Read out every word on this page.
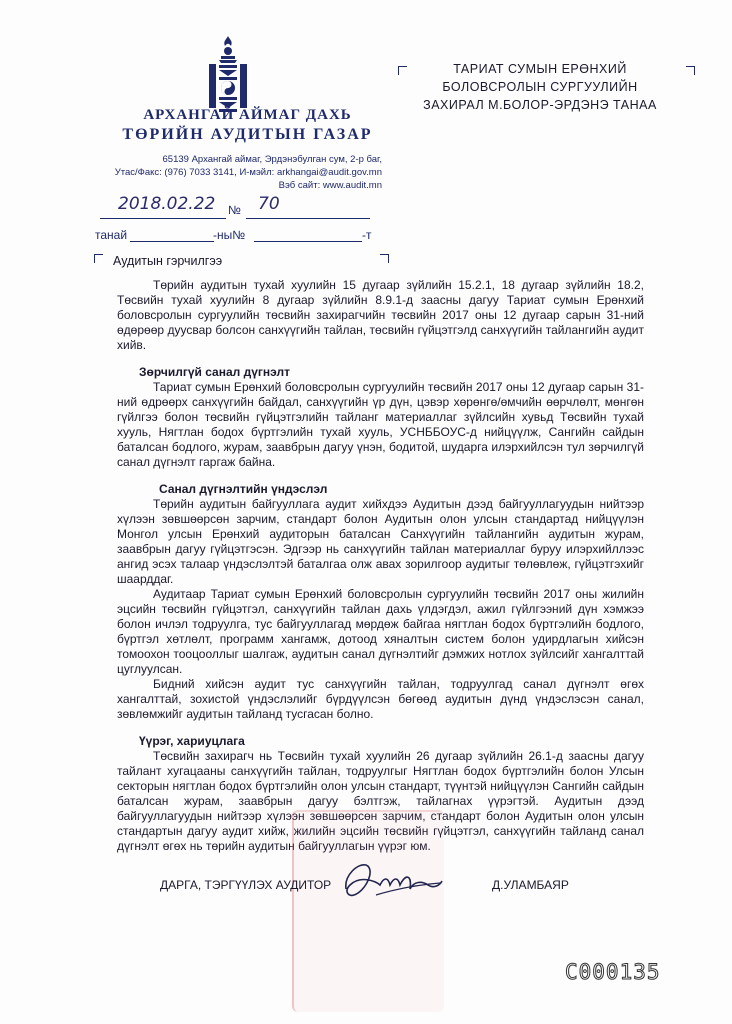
АРХАНГАЙ АЙМАГ ДАХЬ
ТӨРИЙН АУДИТЫН ГАЗАР
65139 Архангай аймаг, Эрдэнэбулган сум, 2-р баг,
Утас/Факс: (976) 7033 3141, И-мэйл: arkhangai@audit.gov.mn
Вэб сайт: www.audit.mn
2018.02.22 № 70
танай	-ны№	-т
Аудитын гэрчилгээ
ТАРИАТ СУМЫН ЕРӨНХИЙ
БОЛОВСРОЛЫН СУРГУУЛИЙН
ЗАХИРАЛ М.БОЛОР-ЭРДЭНЭ ТАНАА

Төрийн аудитын тухай хуулийн 15 дугаар зүйлийн 15.2.1, 18 дугаар зүйлийн 18.2, Төсвийн тухай хуулийн 8 дугаар зүйлийн 8.9.1-д заасны дагуу Тариат сумын Ерөнхий боловсролын сургуулийн төсвийн захирагчийн төсвийн 2017 оны 12 дугаар сарын 31-ний өдөрөөр дуусвар болсон санхүүгийн тайлан, төсвийн гүйцэтгэлд санхүүгийн тайлангийн аудит хийв.

Зөрчилгүй санал дүгнэлт

Тариат сумын Ерөнхий боловсролын сургуулийн төсвийн 2017 оны 12 дугаар сарын 31-ний өдрөөрх санхүүгийн байдал, санхүүгийн үр дүн, цэвэр хөрөнгө/өмчийн өөрчлөлт, мөнгөн гүйлгээ болон төсвийн гүйцэтгэлийн тайланг материаллаг зүйлсийн хувьд Төсвийн тухай хууль, Нягтлан бодох бүртгэлийн тухай хууль, УСНББОУС-д нийцүүлж, Сангийн сайдын баталсан бодлого, журам, заавбрын дагуу үнэн, бодитой, шударга илэрхийлсэн тул зөрчилгүй санал дүгнэлт гаргаж байна.

Санал дүгнэлтийн үндэслэл

Төрийн аудитын байгууллага аудит хийхдээ Аудитын дээд байгууллагуудын нийтээр хүлээн зөвшөөрсөн зарчим, стандарт болон Аудитын олон улсын стандартад нийцүүлэн Монгол улсын Ерөнхий аудиторын баталсан Санхүүгийн тайлангийн аудитын журам, заавбрын дагуу гүйцэтгэсэн. Эдгээр нь санхүүгийн тайлан материаллаг буруу илэрхийллээс ангид эсэх талаар үндэслэлтэй баталгаа олж авах зорилгоор аудитыг төлөвлөж, гүйцэтгэхийг шаарддаг.

Аудитаар Тариат сумын Ерөнхий боловсролын сургуулийн төсвийн 2017 оны жилийн эцсийн төсвийн гүйцэтгэл, санхүүгийн тайлан дахь үлдэгдэл, ажил гүйлгээний дүн хэмжээ болон ичлэл тодруулга, тус байгууллагад мөрдөж байгаа нягтлан бодох бүртгэлийн бодлого, бүртгэл хөтлөлт, программ хангамж, дотоод хяналтын систем болон удирдлагын хийсэн томоохон тооцооллыг шалгаж, аудитын санал дүгнэлтийг дэмжих нотлох зүйлсийг хангалттай цуглуулсан.

Бидний хийсэн аудит тус санхүүгийн тайлан, тодруулгад санал дүгнэлт өгөх хангалттай, зохистой үндэслэлийг бүрдүүлсэн бөгөөд аудитын дүнд үндэслэсэн санал, зөвлөмжийг аудитын тайланд тусгасан болно.

Үүрэг, хариуцлага

Төсвийн захирагч нь Төсвийн тухай хуулийн 26 дугаар зүйлийн 26.1-д заасны дагуу тайлант хугацааны санхүүгийн тайлан, тодруулгыг Нягтлан бодох бүртгэлийн болон Улсын секторын нягтлан бодох бүртгэлийн олон улсын стандарт, түүнтэй нийцүүлэн Сангийн сайдын баталсан журам, заавбрын дагуу бэлтгэж, тайлагнах үүрэгтэй. Аудитын дээд байгууллагуудын нийтээр хүлээн зөвшөөрсөн зарчим, стандарт болон Аудитын олон улсын стандартын дагуу аудит хийж, жилийн эцсийн төсвийн гүйцэтгэл, санхүүгийн тайланд санал дүгнэлт өгөх нь төрийн аудитын байгууллагын үүрэг юм.

ДАРГА, ТЭРГҮҮЛЭХ АУДИТОР	Д.УЛАМБАЯР
C000135
